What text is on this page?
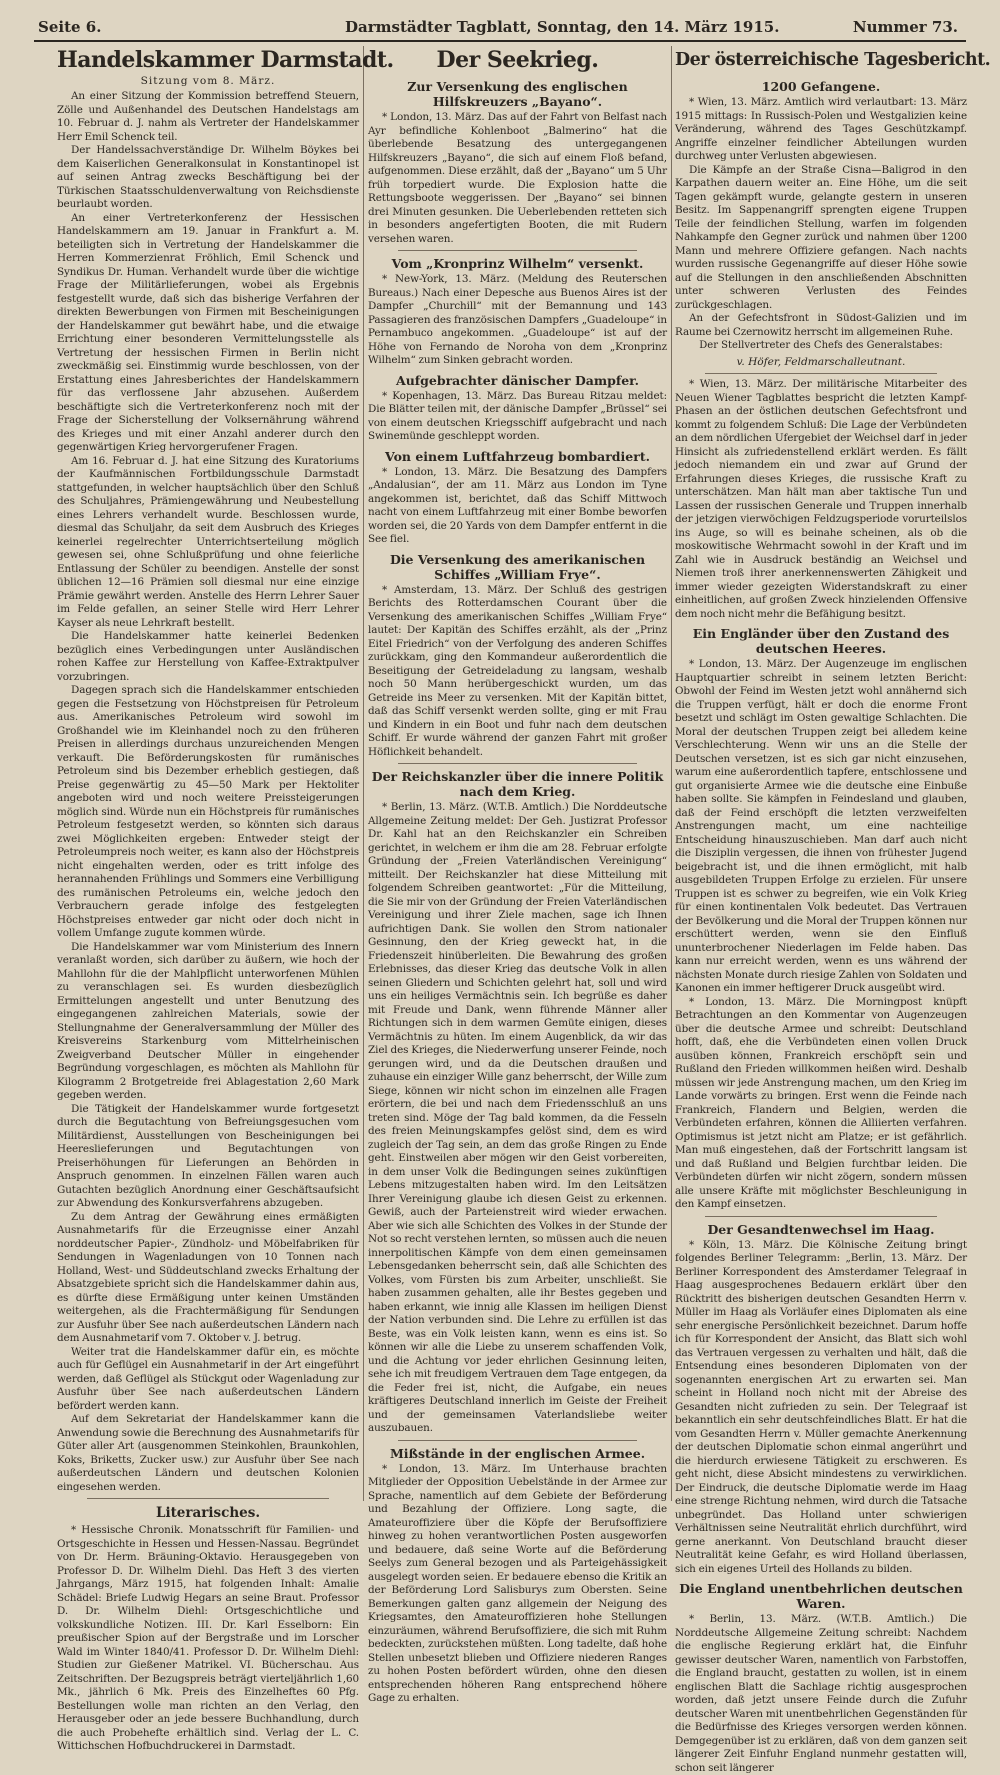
Seite 6.	Darmstädter Tagblatt, Sonntag, den 14. März 1915.	Nummer 73.
Handelskammer Darmstadt.
Sitzung vom 8. März.

An einer Sitzung der Kommission betreffend Steuern, Zölle und Außenhandel des Deutschen Handelstags am 10. Februar d. J. nahm als Vertreter der Handelskammer Herr Emil Schenck teil.

Der Handelssachverständige Dr. Wilhelm Böykes bei dem Kaiserlichen Generalkonsulat in Konstantinopel ist auf seinen Antrag zwecks Beschäftigung bei der Türkischen Staatsschuldenverwaltung von Reichsdienste beurlaubt worden.

An einer Vertreterkonferenz der Hessischen Handelskammern am 19. Januar in Frankfurt a. M. beteiligten sich in Vertretung der Handelskammer die Herren Kommerzienrat Fröhlich, Emil Schenck und Syndikus Dr. Human. Verhandelt wurde über die wichtige Frage der Militärlieferungen, wobei als Ergebnis festgestellt wurde, daß sich das bisherige Verfahren der direkten Bewerbungen von Firmen mit Bescheinigungen der Handelskammer gut bewährt habe, und die etwaige Errichtung einer besonderen Vermittelungsstelle als Vertretung der hessischen Firmen in Berlin nicht zweckmäßig sei. Einstimmig wurde beschlossen, von der Erstattung eines Jahresberichtes der Handelskammern für das verflossene Jahr abzusehen. Außerdem beschäftigte sich die Vertreterkonferenz noch mit der Frage der Sicherstellung der Volksernährung während des Krieges und mit einer Anzahl anderer durch den gegenwärtigen Krieg hervorgerufener Fragen.

Am 16. Februar d. J. hat eine Sitzung des Kuratoriums der Kaufmännischen Fortbildungsschule Darmstadt stattgefunden, in welcher hauptsächlich über den Schluß des Schuljahres, Prämiengewährung und Neubestellung eines Lehrers verhandelt wurde. Beschlossen wurde, diesmal das Schuljahr, da seit dem Ausbruch des Krieges keinerlei regelrechter Unterrichtserteilung möglich gewesen sei, ohne Schlußprüfung und ohne feierliche Entlassung der Schüler zu beendigen. Anstelle der sonst üblichen 12—16 Prämien soll diesmal nur eine einzige Prämie gewährt werden. Anstelle des Herrn Lehrer Sauer im Felde gefallen, an seiner Stelle wird Herr Lehrer Kayser als neue Lehrkraft bestellt.

Die Handelskammer hatte keinerlei Bedenken bezüglich eines Verbedingungen unter Ausländischen rohen Kaffee zur Herstellung von Kaffee-Extraktpulver vorzubringen.

Dagegen sprach sich die Handelskammer entschieden gegen die Festsetzung von Höchstpreisen für Petroleum aus. Amerikanisches Petroleum wird sowohl im Großhandel wie im Kleinhandel noch zu den früheren Preisen in allerdings durchaus unzureichenden Mengen verkauft. Die Beförderungskosten für rumänisches Petroleum sind bis Dezember erheblich gestiegen, daß Preise gegenwärtig zu 45—50 Mark per Hektoliter angeboten wird und noch weitere Preissteigerungen möglich sind. Würde nun ein Höchstpreis für rumänisches Petroleum festgesetzt werden, so könnten sich daraus zwei Möglichkeiten ergeben: Entweder steigt der Petroleumpreis noch weiter, es kann also der Höchstpreis nicht eingehalten werden, oder es tritt infolge des herannahenden Frühlings und Sommers eine Verbilligung des rumänischen Petroleums ein, welche jedoch den Verbrauchern gerade infolge des festgelegten Höchstpreises entweder gar nicht oder doch nicht in vollem Umfange zugute kommen würde.

Die Handelskammer war vom Ministerium des Innern veranlaßt worden, sich darüber zu äußern, wie hoch der Mahllohn für die der Mahlpflicht unterworfenen Mühlen zu veranschlagen sei. Es wurden diesbezüglich Ermittelungen angestellt und unter Benutzung des eingegangenen zahlreichen Materials, sowie der Stellungnahme der Generalversammlung der Müller des Kreisvereins Starkenburg vom Mittelrheinischen Zweigverband Deutscher Müller in eingehender Begründung vorgeschlagen, es möchten als Mahllohn für Kilogramm 2 Brotgetreide frei Ablagestation 2,60 Mark gegeben werden.

Die Tätigkeit der Handelskammer wurde fortgesetzt durch die Begutachtung von Befreiungsgesuchen vom Militärdienst, Ausstellungen von Bescheinigungen bei Heereslieferungen und Begutachtungen von Preiserhöhungen für Lieferungen an Behörden in Anspruch genommen. In einzelnen Fällen waren auch Gutachten bezüglich Anordnung einer Geschäftsaufsicht zur Abwendung des Konkursverfahrens abzugeben.

Zu dem Antrag der Gewährung eines ermäßigten Ausnahmetarifs für die Erzeugnisse einer Anzahl norddeutscher Papier-, Zündholz- und Möbelfabriken für Sendungen in Wagenladungen von 10 Tonnen nach Holland, West- und Süddeutschland zwecks Erhaltung der Absatzgebiete spricht sich die Handelskammer dahin aus, es dürfte diese Ermäßigung unter keinen Umständen weitergehen, als die Frachtermäßigung für Sendungen zur Ausfuhr über See nach außerdeutschen Ländern nach dem Ausnahmetarif vom 7. Oktober v. J. betrug.

Weiter trat die Handelskammer dafür ein, es möchte auch für Geflügel ein Ausnahmetarif in der Art eingeführt werden, daß Geflügel als Stückgut oder Wagenladung zur Ausfuhr über See nach außerdeutschen Ländern befördert werden kann.

Auf dem Sekretariat der Handelskammer kann die Anwendung sowie die Berechnung des Ausnahmetarifs für Güter aller Art (ausgenommen Steinkohlen, Braunkohlen, Koks, Briketts, Zucker usw.) zur Ausfuhr über See nach außerdeutschen Ländern und deutschen Kolonien eingesehen werden.

Literarisches.

* Hessische Chronik. Monatsschrift für Familien- und Ortsgeschichte in Hessen und Hessen-Nassau. Begründet von Dr. Herm. Bräuning-Oktavio. Herausgegeben von Professor D. Dr. Wilhelm Diehl. Das Heft 3 des vierten Jahrgangs, März 1915, hat folgenden Inhalt: Amalie Schädel: Briefe Ludwig Hegars an seine Braut. Professor D. Dr. Wilhelm Diehl: Ortsgeschichtliche und volkskundliche Notizen. III. Dr. Karl Esselborn: Ein preußischer Spion auf der Bergstraße und im Lorscher Wald im Winter 1840/41. Professor D. Dr. Wilhelm Diehl: Studien zur Gießener Matrikel. VI. Bücherschau. Aus Zeitschriften. Der Bezugspreis beträgt vierteljährlich 1,60 Mk., jährlich 6 Mk. Preis des Einzelheftes 60 Pfg. Bestellungen wolle man richten an den Verlag, den Herausgeber oder an jede bessere Buchhandlung, durch die auch Probehefte erhältlich sind. Verlag der L. C. Wittichschen Hofbuchdruckerei in Darmstadt.

Der Seekrieg.
Zur Versenkung des englischen Hilfskreuzers „Bayano“.

* London, 13. März. Das auf der Fahrt von Belfast nach Ayr befindliche Kohlenboot „Balmerino“ hat die überlebende Besatzung des untergegangenen Hilfskreuzers „Bayano“, die sich auf einem Floß befand, aufgenommen. Diese erzählt, daß der „Bayano“ um 5 Uhr früh torpediert wurde. Die Explosion hatte die Rettungsboote weggerissen. Der „Bayano“ sei binnen drei Minuten gesunken. Die Ueberlebenden retteten sich in besonders angefertigten Booten, die mit Rudern versehen waren.

Vom „Kronprinz Wilhelm“ versenkt.

* New-York, 13. März. (Meldung des Reuterschen Bureaus.) Nach einer Depesche aus Buenos Aires ist der Dampfer „Churchill“ mit der Bemannung und 143 Passagieren des französischen Dampfers „Guadeloupe“ in Pernambuco angekommen. „Guadeloupe“ ist auf der Höhe von Fernando de Noroha von dem „Kronprinz Wilhelm“ zum Sinken gebracht worden.

Aufgebrachter dänischer Dampfer.

* Kopenhagen, 13. März. Das Bureau Ritzau meldet: Die Blätter teilen mit, der dänische Dampfer „Brüssel“ sei von einem deutschen Kriegsschiff aufgebracht und nach Swinemünde geschleppt worden.

Von einem Luftfahrzeug bombardiert.

* London, 13. März. Die Besatzung des Dampfers „Andalusian“, der am 11. März aus London im Tyne angekommen ist, berichtet, daß das Schiff Mittwoch nacht von einem Luftfahrzeug mit einer Bombe beworfen worden sei, die 20 Yards von dem Dampfer entfernt in die See fiel.

Die Versenkung des amerikanischen Schiffes „William Frye“.

* Amsterdam, 13. März. Der Schluß des gestrigen Berichts des Rotterdamschen Courant über die Versenkung des amerikanischen Schiffes „William Frye“ lautet: Der Kapitän des Schiffes erzählt, als der „Prinz Eitel Friedrich“ von der Verfolgung des anderen Schiffes zurückkam, ging den Kommandeur außerordentlich die Beseitigung der Getreideladung zu langsam, weshalb noch 50 Mann herübergeschickt wurden, um das Getreide ins Meer zu versenken. Mit der Kapitän bittet, daß das Schiff versenkt werden sollte, ging er mit Frau und Kindern in ein Boot und fuhr nach dem deutschen Schiff. Er wurde während der ganzen Fahrt mit großer Höflichkeit behandelt.

Der Reichskanzler über die innere Politik nach dem Krieg.

* Berlin, 13. März. (W.T.B. Amtlich.) Die Norddeutsche Allgemeine Zeitung meldet: Der Geh. Justizrat Professor Dr. Kahl hat an den Reichskanzler ein Schreiben gerichtet, in welchem er ihm die am 28. Februar erfolgte Gründung der „Freien Vaterländischen Vereinigung“ mitteilt. Der Reichskanzler hat diese Mitteilung mit folgendem Schreiben geantwortet: „Für die Mitteilung, die Sie mir von der Gründung der Freien Vaterländischen Vereinigung und ihrer Ziele machen, sage ich Ihnen aufrichtigen Dank. Sie wollen den Strom nationaler Gesinnung, den der Krieg geweckt hat, in die Friedenszeit hinüberleiten. Die Bewahrung des großen Erlebnisses, das dieser Krieg das deutsche Volk in allen seinen Gliedern und Schichten gelehrt hat, soll und wird uns ein heiliges Vermächtnis sein. Ich begrüße es daher mit Freude und Dank, wenn führende Männer aller Richtungen sich in dem warmen Gemüte einigen, dieses Vermächtnis zu hüten. Im einem Augenblick, da wir das Ziel des Krieges, die Niederwerfung unserer Feinde, noch gerungen wird, und da die Deutschen draußen und zuhause ein einziger Wille ganz beherrscht, der Wille zum Siege, können wir nicht schon im einzelnen alle Fragen erörtern, die bei und nach dem Friedensschluß an uns treten sind. Möge der Tag bald kommen, da die Fesseln des freien Meinungskampfes gelöst sind, dem es wird zugleich der Tag sein, an dem das große Ringen zu Ende geht. Einstweilen aber mögen wir den Geist vorbereiten, in dem unser Volk die Bedingungen seines zukünftigen Lebens mitzugestalten haben wird. Im den Leitsätzen Ihrer Vereinigung glaube ich diesen Geist zu erkennen. Gewiß, auch der Parteienstreit wird wieder erwachen. Aber wie sich alle Schichten des Volkes in der Stunde der Not so recht verstehen lernten, so müssen auch die neuen innerpolitischen Kämpfe von dem einen gemeinsamen Lebensgedanken beherrscht sein, daß alle Schichten des Volkes, vom Fürsten bis zum Arbeiter, unschließt. Sie haben zusammen gehalten, alle ihr Bestes gegeben und haben erkannt, wie innig alle Klassen im heiligen Dienst der Nation verbunden sind. Die Lehre zu erfüllen ist das Beste, was ein Volk leisten kann, wenn es eins ist. So können wir alle die Liebe zu unserem schaffenden Volk, und die Achtung vor jeder ehrlichen Gesinnung leiten, sehe ich mit freudigem Vertrauen dem Tage entgegen, da die Feder frei ist, nicht, die Aufgabe, ein neues kräftigeres Deutschland innerlich im Geiste der Freiheit und der gemeinsamen Vaterlandsliebe weiter auszubauen.

Mißstände in der englischen Armee.

* London, 13. März. Im Unterhause brachten Mitglieder der Opposition Uebelstände in der Armee zur Sprache, namentlich auf dem Gebiete der Beförderung und Bezahlung der Offiziere. Long sagte, die Amateuroffiziere über die Köpfe der Berufsoffiziere hinweg zu hohen verantwortlichen Posten ausgeworfen und bedauere, daß seine Worte auf die Beförderung Seelys zum General bezogen und als Parteigehässigkeit ausgelegt worden seien. Er bedauere ebenso die Kritik an der Beförderung Lord Salisburys zum Obersten. Seine Bemerkungen galten ganz allgemein der Neigung des Kriegsamtes, den Amateuroffizieren hohe Stellungen einzuräumen, während Berufsoffiziere, die sich mit Ruhm bedeckten, zurückstehen müßten. Long tadelte, daß hohe Stellen unbesetzt blieben und Offiziere niederen Ranges zu hohen Posten befördert würden, ohne den diesen entsprechenden höheren Rang entsprechend höhere Gage zu erhalten.

Der österreichische Tagesbericht.
1200 Gefangene.

* Wien, 13. März. Amtlich wird verlautbart: 13. März 1915 mittags: In Russisch-Polen und Westgalizien keine Veränderung, während des Tages Geschützkampf. Angriffe einzelner feindlicher Abteilungen wurden durchweg unter Verlusten abgewiesen.

Die Kämpfe an der Straße Cisna—Baligrod in den Karpathen dauern weiter an. Eine Höhe, um die seit Tagen gekämpft wurde, gelangte gestern in unseren Besitz. Im Sappenangriff sprengten eigene Truppen Teile der feindlichen Stellung, warfen im folgenden Nahkampfe den Gegner zurück und nahmen über 1200 Mann und mehrere Offiziere gefangen. Nach nachts wurden russische Gegenangriffe auf dieser Höhe sowie auf die Stellungen in den anschließenden Abschnitten unter schweren Verlusten des Feindes zurückgeschlagen.

An der Gefechtsfront in Südost-Galizien und im Raume bei Czernowitz herrscht im allgemeinen Ruhe.

Der Stellvertreter des Chefs des Generalstabes:
v. Höfer, Feldmarschalleutnant.

* Wien, 13. März. Der militärische Mitarbeiter des Neuen Wiener Tagblattes bespricht die letzten Kampf-Phasen an der östlichen deutschen Gefechtsfront und kommt zu folgendem Schluß: Die Lage der Verbündeten an dem nördlichen Ufergebiet der Weichsel darf in jeder Hinsicht als zufriedenstellend erklärt werden. Es fällt jedoch niemandem ein und zwar auf Grund der Erfahrungen dieses Krieges, die russische Kraft zu unterschätzen. Man hält man aber taktische Tun und Lassen der russischen Generale und Truppen innerhalb der jetzigen vierwöchigen Feldzugsperiode vorurteilslos ins Auge, so will es beinahe scheinen, als ob die moskowitische Wehrmacht sowohl in der Kraft und im Zahl wie in Ausdruck beständig an Weichsel und Niemen troß ihrer anerkennenswerten Zähigkeit und immer wieder gezeigten Widerstandskraft zu einer einheitlichen, auf großen Zweck hinzielenden Offensive dem noch nicht mehr die Befähigung besitzt.

Ein Engländer über den Zustand des deutschen Heeres.

* London, 13. März. Der Augenzeuge im englischen Hauptquartier schreibt in seinem letzten Bericht: Obwohl der Feind im Westen jetzt wohl annähernd sich die Truppen verfügt, hält er doch die enorme Front besetzt und schlägt im Osten gewaltige Schlachten. Die Moral der deutschen Truppen zeigt bei alledem keine Verschlechterung. Wenn wir uns an die Stelle der Deutschen versetzen, ist es sich gar nicht einzusehen, warum eine außerordentlich tapfere, entschlossene und gut organisierte Armee wie die deutsche eine Einbuße haben sollte. Sie kämpfen in Feindesland und glauben, daß der Feind erschöpft die letzten verzweifelten Anstrengungen macht, um eine nachteilige Entscheidung hinauszuschieben. Man darf auch nicht die Disziplin vergessen, die ihnen von frühester Jugend beigebracht ist, und die ihnen ermöglicht, mit halb ausgebildeten Truppen Erfolge zu erzielen. Für unsere Truppen ist es schwer zu begreifen, wie ein Volk Krieg für einen kontinentalen Volk bedeutet. Das Vertrauen der Bevölkerung und die Moral der Truppen können nur erschüttert werden, wenn sie den Einfluß ununterbrochener Niederlagen im Felde haben. Das kann nur erreicht werden, wenn es uns während der nächsten Monate durch riesige Zahlen von Soldaten und Kanonen ein immer heftigerer Druck ausgeübt wird.

* London, 13. März. Die Morningpost knüpft Betrachtungen an den Kommentar von Augenzeugen über die deutsche Armee und schreibt: Deutschland hofft, daß, ehe die Verbündeten einen vollen Druck ausüben können, Frankreich erschöpft sein und Rußland den Frieden willkommen heißen wird. Deshalb müssen wir jede Anstrengung machen, um den Krieg im Lande vorwärts zu bringen. Erst wenn die Feinde nach Frankreich, Flandern und Belgien, werden die Verbündeten erfahren, können die Alliierten verfahren. Optimismus ist jetzt nicht am Platze; er ist gefährlich. Man muß eingestehen, daß der Fortschritt langsam ist und daß Rußland und Belgien furchtbar leiden. Die Verbündeten dürfen wir nicht zögern, sondern müssen alle unsere Kräfte mit möglichster Beschleunigung in den Kampf einsetzen.

Der Gesandtenwechsel im Haag.

* Köln, 13. März. Die Kölnische Zeitung bringt folgendes Berliner Telegramm: „Berlin, 13. März. Der Berliner Korrespondent des Amsterdamer Telegraaf in Haag ausgesprochenes Bedauern erklärt über den Rücktritt des bisherigen deutschen Gesandten Herrn v. Müller im Haag als Vorläufer eines Diplomaten als eine sehr energische Persönlichkeit bezeichnet. Darum hoffe ich für Korrespondent der Ansicht, das Blatt sich wohl das Vertrauen vergessen zu verhalten und hält, daß die Entsendung eines besonderen Diplomaten von der sogenannten energischen Art zu erwarten sei. Man scheint in Holland noch nicht mit der Abreise des Gesandten nicht zufrieden zu sein. Der Telegraaf ist bekanntlich ein sehr deutschfeindliches Blatt. Er hat die vom Gesandten Herrn v. Müller gemachte Anerkennung der deutschen Diplomatie schon einmal angerührt und die hierdurch erwiesene Tätigkeit zu erschweren. Es geht nicht, diese Absicht mindestens zu verwirklichen. Der Eindruck, die deutsche Diplomatie werde im Haag eine strenge Richtung nehmen, wird durch die Tatsache unbegründet. Das Holland unter schwierigen Verhältnissen seine Neutralität ehrlich durchführt, wird gerne anerkannt. Von Deutschland braucht dieser Neutralität keine Gefahr, es wird Holland überlassen, sich ein eigenes Urteil des Hollands zu bilden.

Die England unentbehrlichen deutschen Waren.

* Berlin, 13. März. (W.T.B. Amtlich.) Die Norddeutsche Allgemeine Zeitung schreibt: Nachdem die englische Regierung erklärt hat, die Einfuhr gewisser deutscher Waren, namentlich von Farbstoffen, die England braucht, gestatten zu wollen, ist in einem englischen Blatt die Sachlage richtig ausgesprochen worden, daß jetzt unsere Feinde durch die Zufuhr deutscher Waren mit unentbehrlichen Gegenständen für die Bedürfnisse des Krieges versorgen werden können. Demgegenüber ist zu erklären, daß von dem ganzen seit längerer Zeit Einfuhr England nunmehr gestatten will, schon seit längerer
